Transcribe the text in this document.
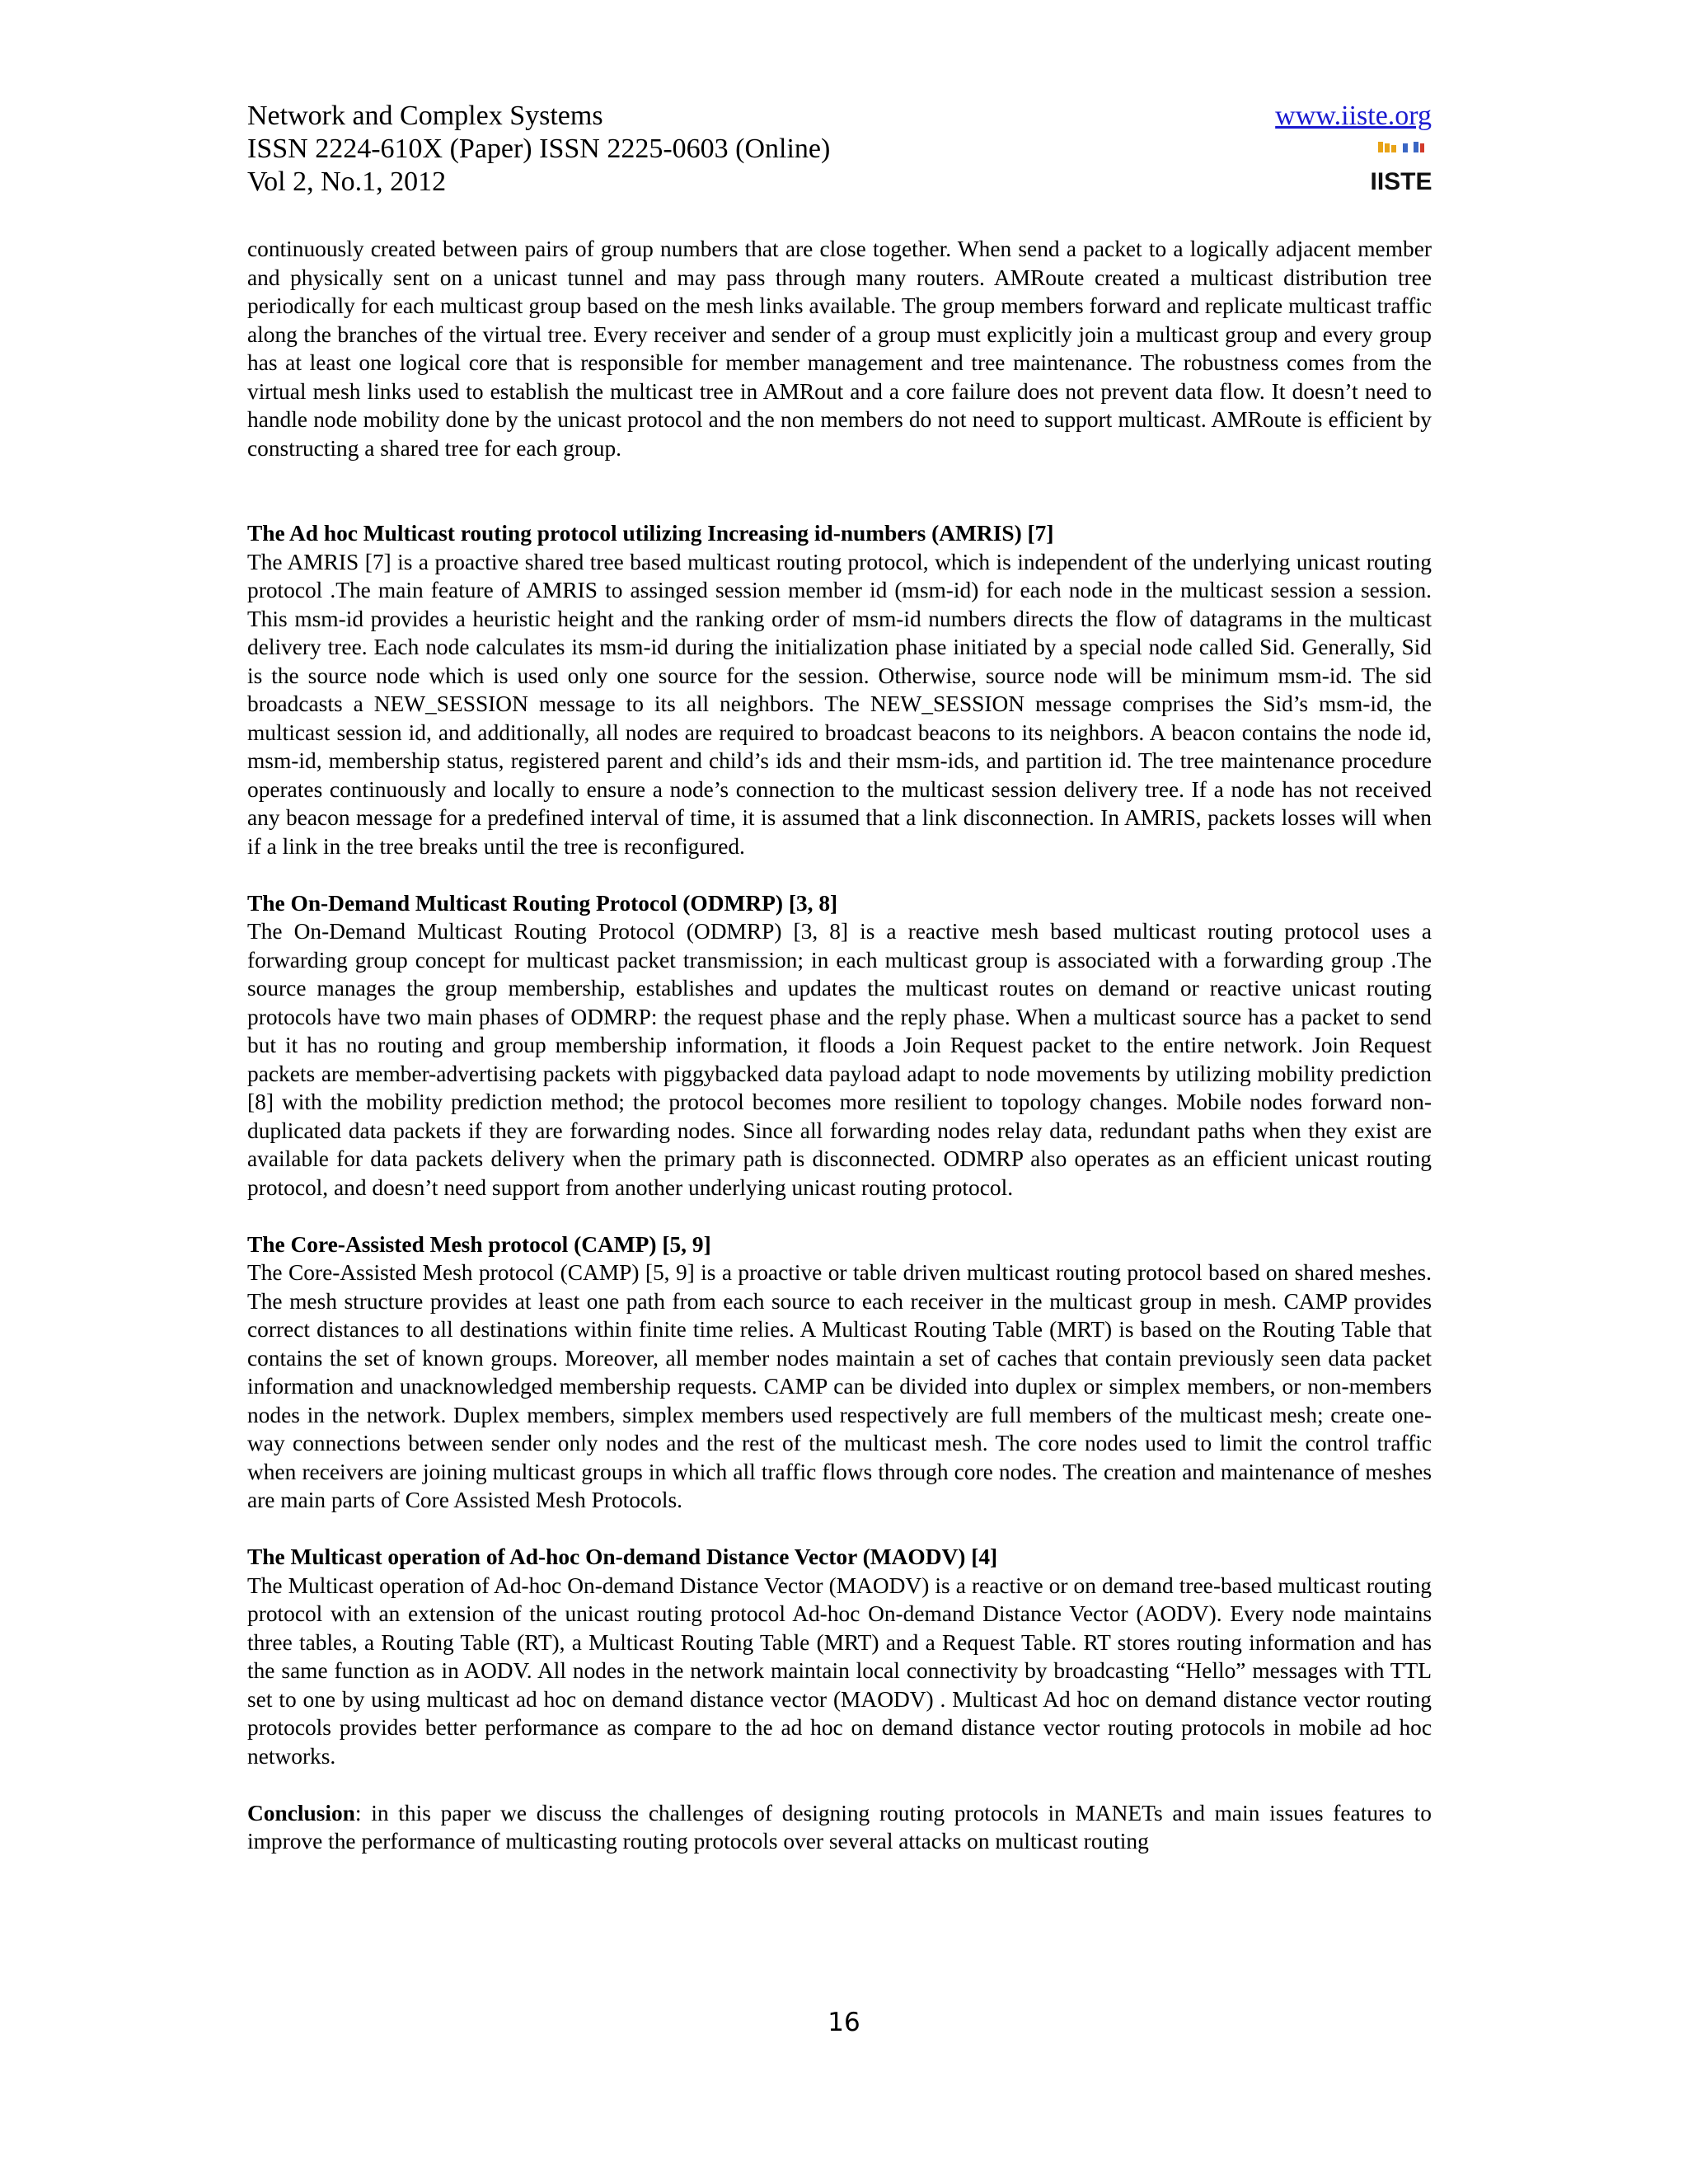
Network and Complex Systems
ISSN 2224-610X (Paper) ISSN 2225-0603 (Online)
Vol 2, No.1, 2012
www.iiste.org
IISTE

continuously created between pairs of group numbers that are close together. When send a packet to a logically adjacent member and physically sent on a unicast tunnel and may pass through many routers. AMRoute created a multicast distribution tree periodically for each multicast group based on the mesh links available. The group members forward and replicate multicast traffic along the branches of the virtual tree. Every receiver and sender of a group must explicitly join a multicast group and every group has at least one logical core that is responsible for member management and tree maintenance. The robustness comes from the virtual mesh links used to establish the multicast tree in AMRout and a core failure does not prevent data flow. It doesn’t need to handle node mobility done by the unicast protocol and the non members do not need to support multicast. AMRoute is efficient by constructing a shared tree for each group.

The Ad hoc Multicast routing protocol utilizing Increasing id-numbers (AMRIS) [7]

The AMRIS [7] is a proactive shared tree based multicast routing protocol, which is independent of the underlying unicast routing protocol .The main feature of AMRIS to assinged session member id (msm-id) for each node in the multicast session a session. This msm-id provides a heuristic height and the ranking order of msm-id numbers directs the flow of datagrams in the multicast delivery tree. Each node calculates its msm-id during the initialization phase initiated by a special node called Sid. Generally, Sid is the source node which is used only one source for the session. Otherwise, source node will be minimum msm-id. The sid broadcasts a NEW_SESSION message to its all neighbors. The NEW_SESSION message comprises the Sid’s msm-id, the multicast session id, and additionally, all nodes are required to broadcast beacons to its neighbors. A beacon contains the node id, msm-id, membership status, registered parent and child’s ids and their msm-ids, and partition id. The tree maintenance procedure operates continuously and locally to ensure a node’s connection to the multicast session delivery tree. If a node has not received any beacon message for a predefined interval of time, it is assumed that a link disconnection. In AMRIS, packets losses will when if a link in the tree breaks until the tree is reconfigured.

The On-Demand Multicast Routing Protocol (ODMRP) [3, 8]

The On-Demand Multicast Routing Protocol (ODMRP) [3, 8] is a reactive mesh based multicast routing protocol uses a forwarding group concept for multicast packet transmission; in each multicast group is associated with a forwarding group .The source manages the group membership, establishes and updates the multicast routes on demand or reactive unicast routing protocols have two main phases of ODMRP: the request phase and the reply phase. When a multicast source has a packet to send but it has no routing and group membership information, it floods a Join Request packet to the entire network. Join Request packets are member-advertising packets with piggybacked data payload adapt to node movements by utilizing mobility prediction [8] with the mobility prediction method; the protocol becomes more resilient to topology changes. Mobile nodes forward non-duplicated data packets if they are forwarding nodes. Since all forwarding nodes relay data, redundant paths when they exist are available for data packets delivery when the primary path is disconnected. ODMRP also operates as an efficient unicast routing protocol, and doesn’t need support from another underlying unicast routing protocol.

The Core-Assisted Mesh protocol (CAMP) [5, 9]

The Core-Assisted Mesh protocol (CAMP) [5, 9] is a proactive or table driven multicast routing protocol based on shared meshes. The mesh structure provides at least one path from each source to each receiver in the multicast group in mesh. CAMP provides correct distances to all destinations within finite time relies. A Multicast Routing Table (MRT) is based on the Routing Table that contains the set of known groups. Moreover, all member nodes maintain a set of caches that contain previously seen data packet information and unacknowledged membership requests. CAMP can be divided into duplex or simplex members, or non-members nodes in the network. Duplex members, simplex members used respectively are full members of the multicast mesh; create one-way connections between sender only nodes and the rest of the multicast mesh. The core nodes used to limit the control traffic when receivers are joining multicast groups in which all traffic flows through core nodes. The creation and maintenance of meshes are main parts of Core Assisted Mesh Protocols.

The Multicast operation of Ad-hoc On-demand Distance Vector (MAODV) [4]

The Multicast operation of Ad-hoc On-demand Distance Vector (MAODV) is a reactive or on demand tree-based multicast routing protocol with an extension of the unicast routing protocol Ad-hoc On-demand Distance Vector (AODV). Every node maintains three tables, a Routing Table (RT), a Multicast Routing Table (MRT) and a Request Table. RT stores routing information and has the same function as in AODV. All nodes in the network maintain local connectivity by broadcasting “Hello” messages with TTL set to one by using multicast ad hoc on demand distance vector (MAODV) . Multicast Ad hoc on demand distance vector routing protocols provides better performance as compare to the ad hoc on demand distance vector routing protocols in mobile ad hoc networks.

Conclusion: in this paper we discuss the challenges of designing routing protocols in MANETs and main issues features to improve the performance of multicasting routing protocols over several attacks on multicast routing

16
